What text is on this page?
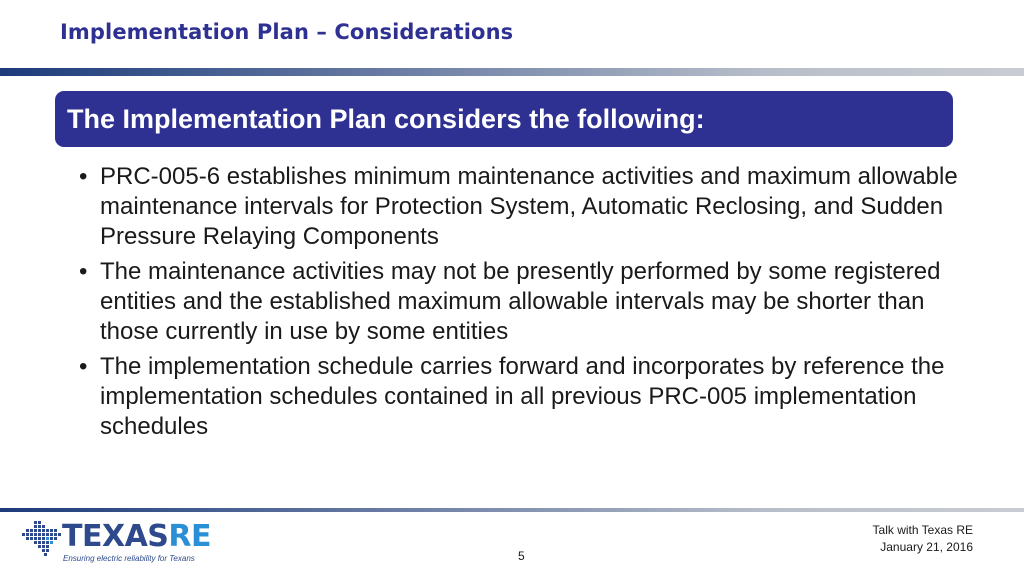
Implementation Plan – Considerations
The Implementation Plan considers the following:
• PRC-005-6 establishes minimum maintenance activities and maximum allowable maintenance intervals for Protection System, Automatic Reclosing, and Sudden Pressure Relaying Components
• The maintenance activities may not be presently performed by some registered entities and the established maximum allowable intervals may be shorter than those currently in use by some entities
• The implementation schedule carries forward and incorporates by reference the implementation schedules contained in all previous PRC-005 implementation schedules
TEXASRE
Ensuring electric reliability for Texans	5
Talk with Texas RE
January 21, 2016
